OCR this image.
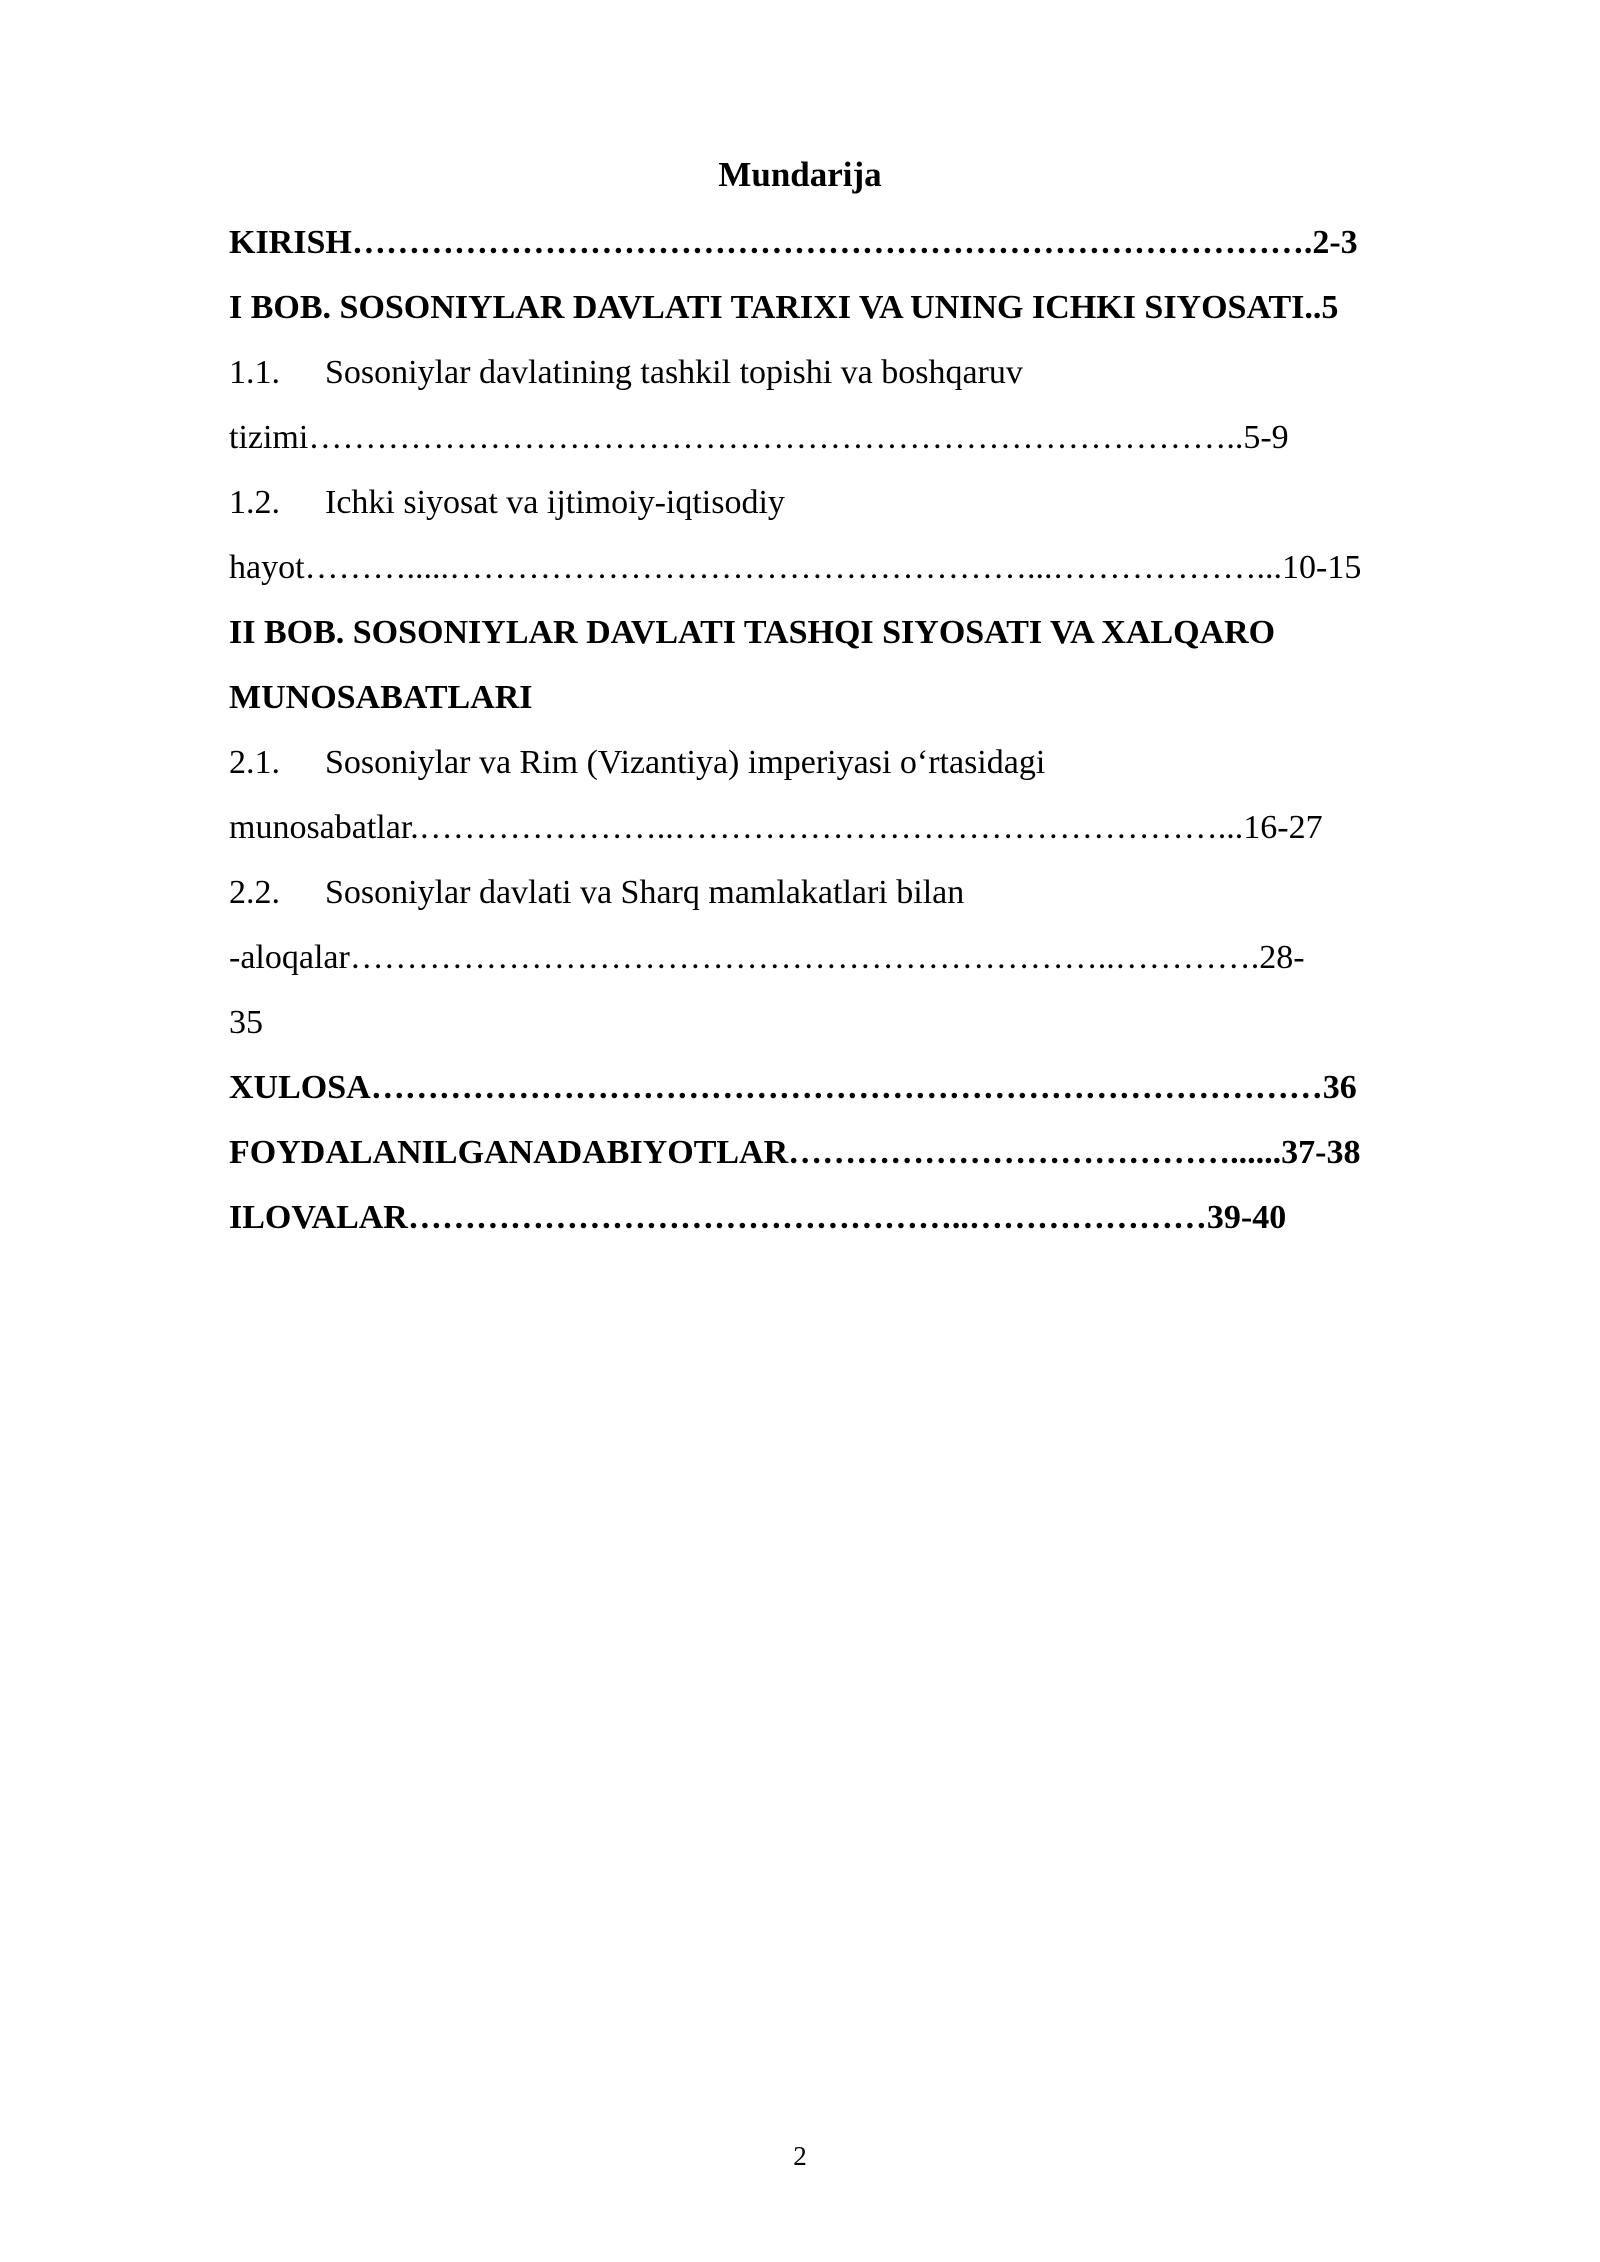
Mundarija
KIRISH………………………………………………………………………….2-3
I BOB. SOSONIYLAR DAVLATI TARIXI VA UNING ICHKI SIYOSATI..5
1.1. Sosoniylar davlatining tashkil topishi va boshqaruv
tizimi………………………………………………………………………..5-9
1.2. Ichki siyosat va ijtimoiy-iqtisodiy
hayot……….....……………………………………………...………………...10-15
II BOB. SOSONIYLAR DAVLATI TASHQI SIYOSATI VA XALQARO
MUNOSABATLARI
2.1. Sosoniylar va Rim (Vizantiya) imperiyasi o‘rtasidagi
munosabatlar.…………………..…………………………………………...16-27
2.2. Sosoniylar davlati va Sharq mamlakatlari bilan
-aloqalar…………………………………………………………..………….28-
35
XULOSA…………………………………………………………………………36
FOYDALANILGANADABIYOTLAR…………………………………......37-38
ILOVALAR…………………………………………..…………………39-40
2
